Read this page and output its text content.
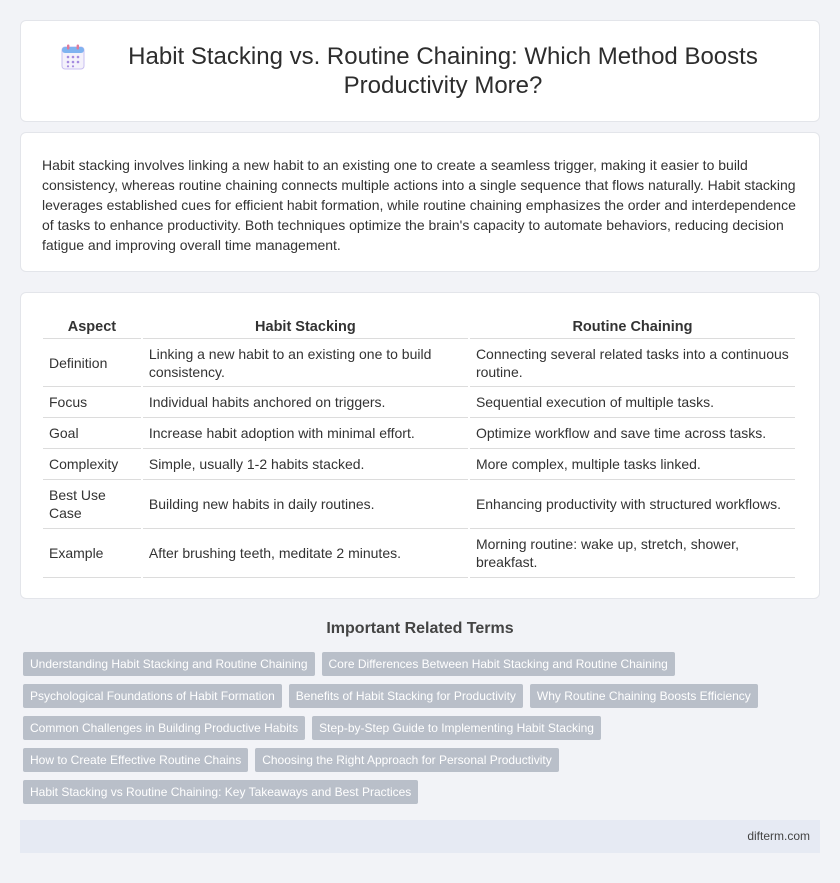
Habit Stacking vs. Routine Chaining: Which Method Boosts Productivity More?

Habit stacking involves linking a new habit to an existing one to create a seamless trigger, making it easier to build consistency, whereas routine chaining connects multiple actions into a single sequence that flows naturally. Habit stacking leverages established cues for efficient habit formation, while routine chaining emphasizes the order and interdependence of tasks to enhance productivity. Both techniques optimize the brain's capacity to automate behaviors, reducing decision fatigue and improving overall time management.

Aspect	Habit Stacking	Routine Chaining
Definition	Linking a new habit to an existing one to build consistency.	Connecting several related tasks into a continuous routine.
Focus	Individual habits anchored on triggers.	Sequential execution of multiple tasks.
Goal	Increase habit adoption with minimal effort.	Optimize workflow and save time across tasks.
Complexity	Simple, usually 1-2 habits stacked.	More complex, multiple tasks linked.
Best Use Case	Building new habits in daily routines.	Enhancing productivity with structured workflows.
Example	After brushing teeth, meditate 2 minutes.	Morning routine: wake up, stretch, shower, breakfast.
Important Related Terms
Understanding Habit Stacking and Routine Chaining	Core Differences Between Habit Stacking and Routine Chaining
Psychological Foundations of Habit Formation	Benefits of Habit Stacking for Productivity	Why Routine Chaining Boosts Efficiency
Common Challenges in Building Productive Habits	Step-by-Step Guide to Implementing Habit Stacking
How to Create Effective Routine Chains	Choosing the Right Approach for Personal Productivity
Habit Stacking vs Routine Chaining: Key Takeaways and Best Practices
difterm.com
